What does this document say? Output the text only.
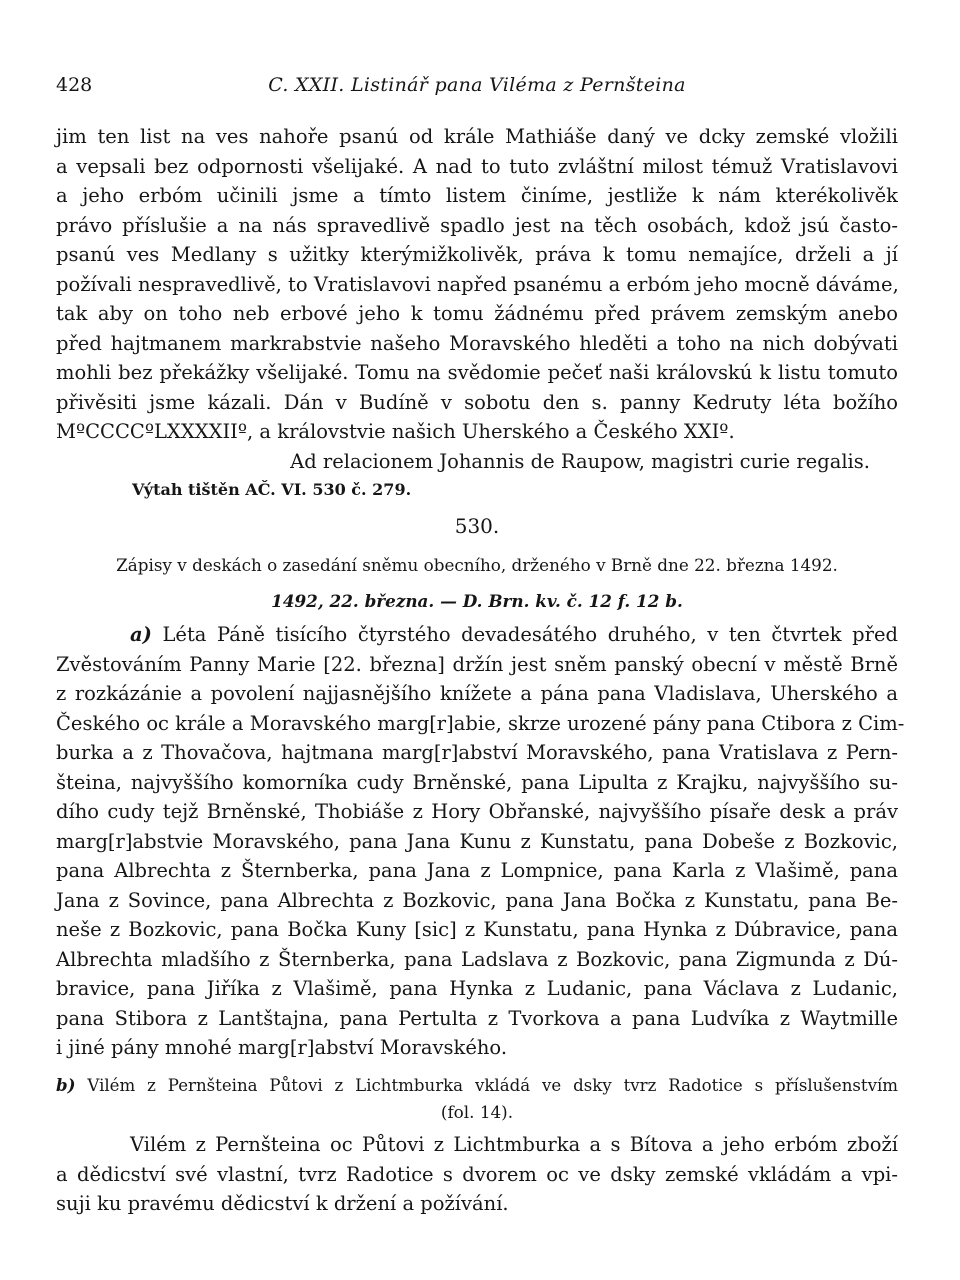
428	C. XXII. Listinář pana Viléma z Pernšteina
jim ten list na ves nahoře psanú od krále Mathiáše daný ve dcky zemské vložili
a vepsali bez odpornosti všelijaké. A nad to tuto zvláštní milost témuž Vratislavovi
a jeho erbóm učinili jsme a tímto listem činíme, jestliže k nám kterékolivěk
právo příslušie a na nás spravedlivě spadlo jest na těch osobách, kdož jsú často-
psanú ves Medlany s užitky kterýmižkolivěk, práva k tomu nemajíce, drželi a jí
požívali nespravedlivě, to Vratislavovi napřed psanému a erbóm jeho mocně dáváme,
tak aby on toho neb erbové jeho k tomu žádnému před právem zemským anebo
před hajtmanem markrabstvie našeho Moravského hleděti a toho na nich dobývati
mohli bez překážky všelijaké. Tomu na svědomie pečeť naši královskú k listu tomuto
přivěsiti jsme kázali. Dán v Budíně v sobotu den s. panny Kedruty léta božího
MºCCCCºLXXXXIIº, a královstvie našich Uherského a Českého XXIº.
Ad relacionem Johannis de Raupow, magistri curie regalis.
Výtah tištěn AČ. VI. 530 č. 279.
530.
Zápisy v deskách o zasedání sněmu obecního, drženého v Brně dne 22. března 1492.
1492, 22. března. — D. Brn. kv. č. 12 f. 12 b.
a) Léta Páně tisícího čtyrstého devadesátého druhého, v ten čtvrtek před
Zvěstováním Panny Marie [22. března] držín jest sněm panský obecní v městě Brně
z rozkázánie a povolení najjasnějšího knížete a pána pana Vladislava, Uherského a
Českého oc krále a Moravského marg[r]abie, skrze urozené pány pana Ctibora z Cim-
burka a z Thovačova, hajtmana marg[r]abství Moravského, pana Vratislava z Pern-
šteina, najvyššího komorníka cudy Brněnské, pana Lipulta z Krajku, najvyššího su-
dího cudy tejž Brněnské, Thobiáše z Hory Obřanské, najvyššího písaře desk a práv
marg[r]abstvie Moravského, pana Jana Kunu z Kunstatu, pana Dobeše z Bozkovic,
pana Albrechta z Šternberka, pana Jana z Lompnice, pana Karla z Vlašimě, pana
Jana z Sovince, pana Albrechta z Bozkovic, pana Jana Bočka z Kunstatu, pana Be-
neše z Bozkovic, pana Bočka Kuny [sic] z Kunstatu, pana Hynka z Dúbravice, pana
Albrechta mladšího z Šternberka, pana Ladslava z Bozkovic, pana Zigmunda z Dú-
bravice, pana Jiříka z Vlašimě, pana Hynka z Ludanic, pana Václava z Ludanic,
pana Stibora z Lantštajna, pana Pertulta z Tvorkova a pana Ludvíka z Waytmille
i jiné pány mnohé marg[r]abství Moravského.
b) Vilém z Pernšteina Půtovi z Lichtmburka vkládá ve dsky tvrz Radotice s příslušenstvím
(fol. 14).
Vilém z Pernšteina oc Půtovi z Lichtmburka a s Bítova a jeho erbóm zboží
a dědicství své vlastní, tvrz Radotice s dvorem oc ve dsky zemské vkládám a vpi-
suji ku pravému dědicství k držení a požívání.
